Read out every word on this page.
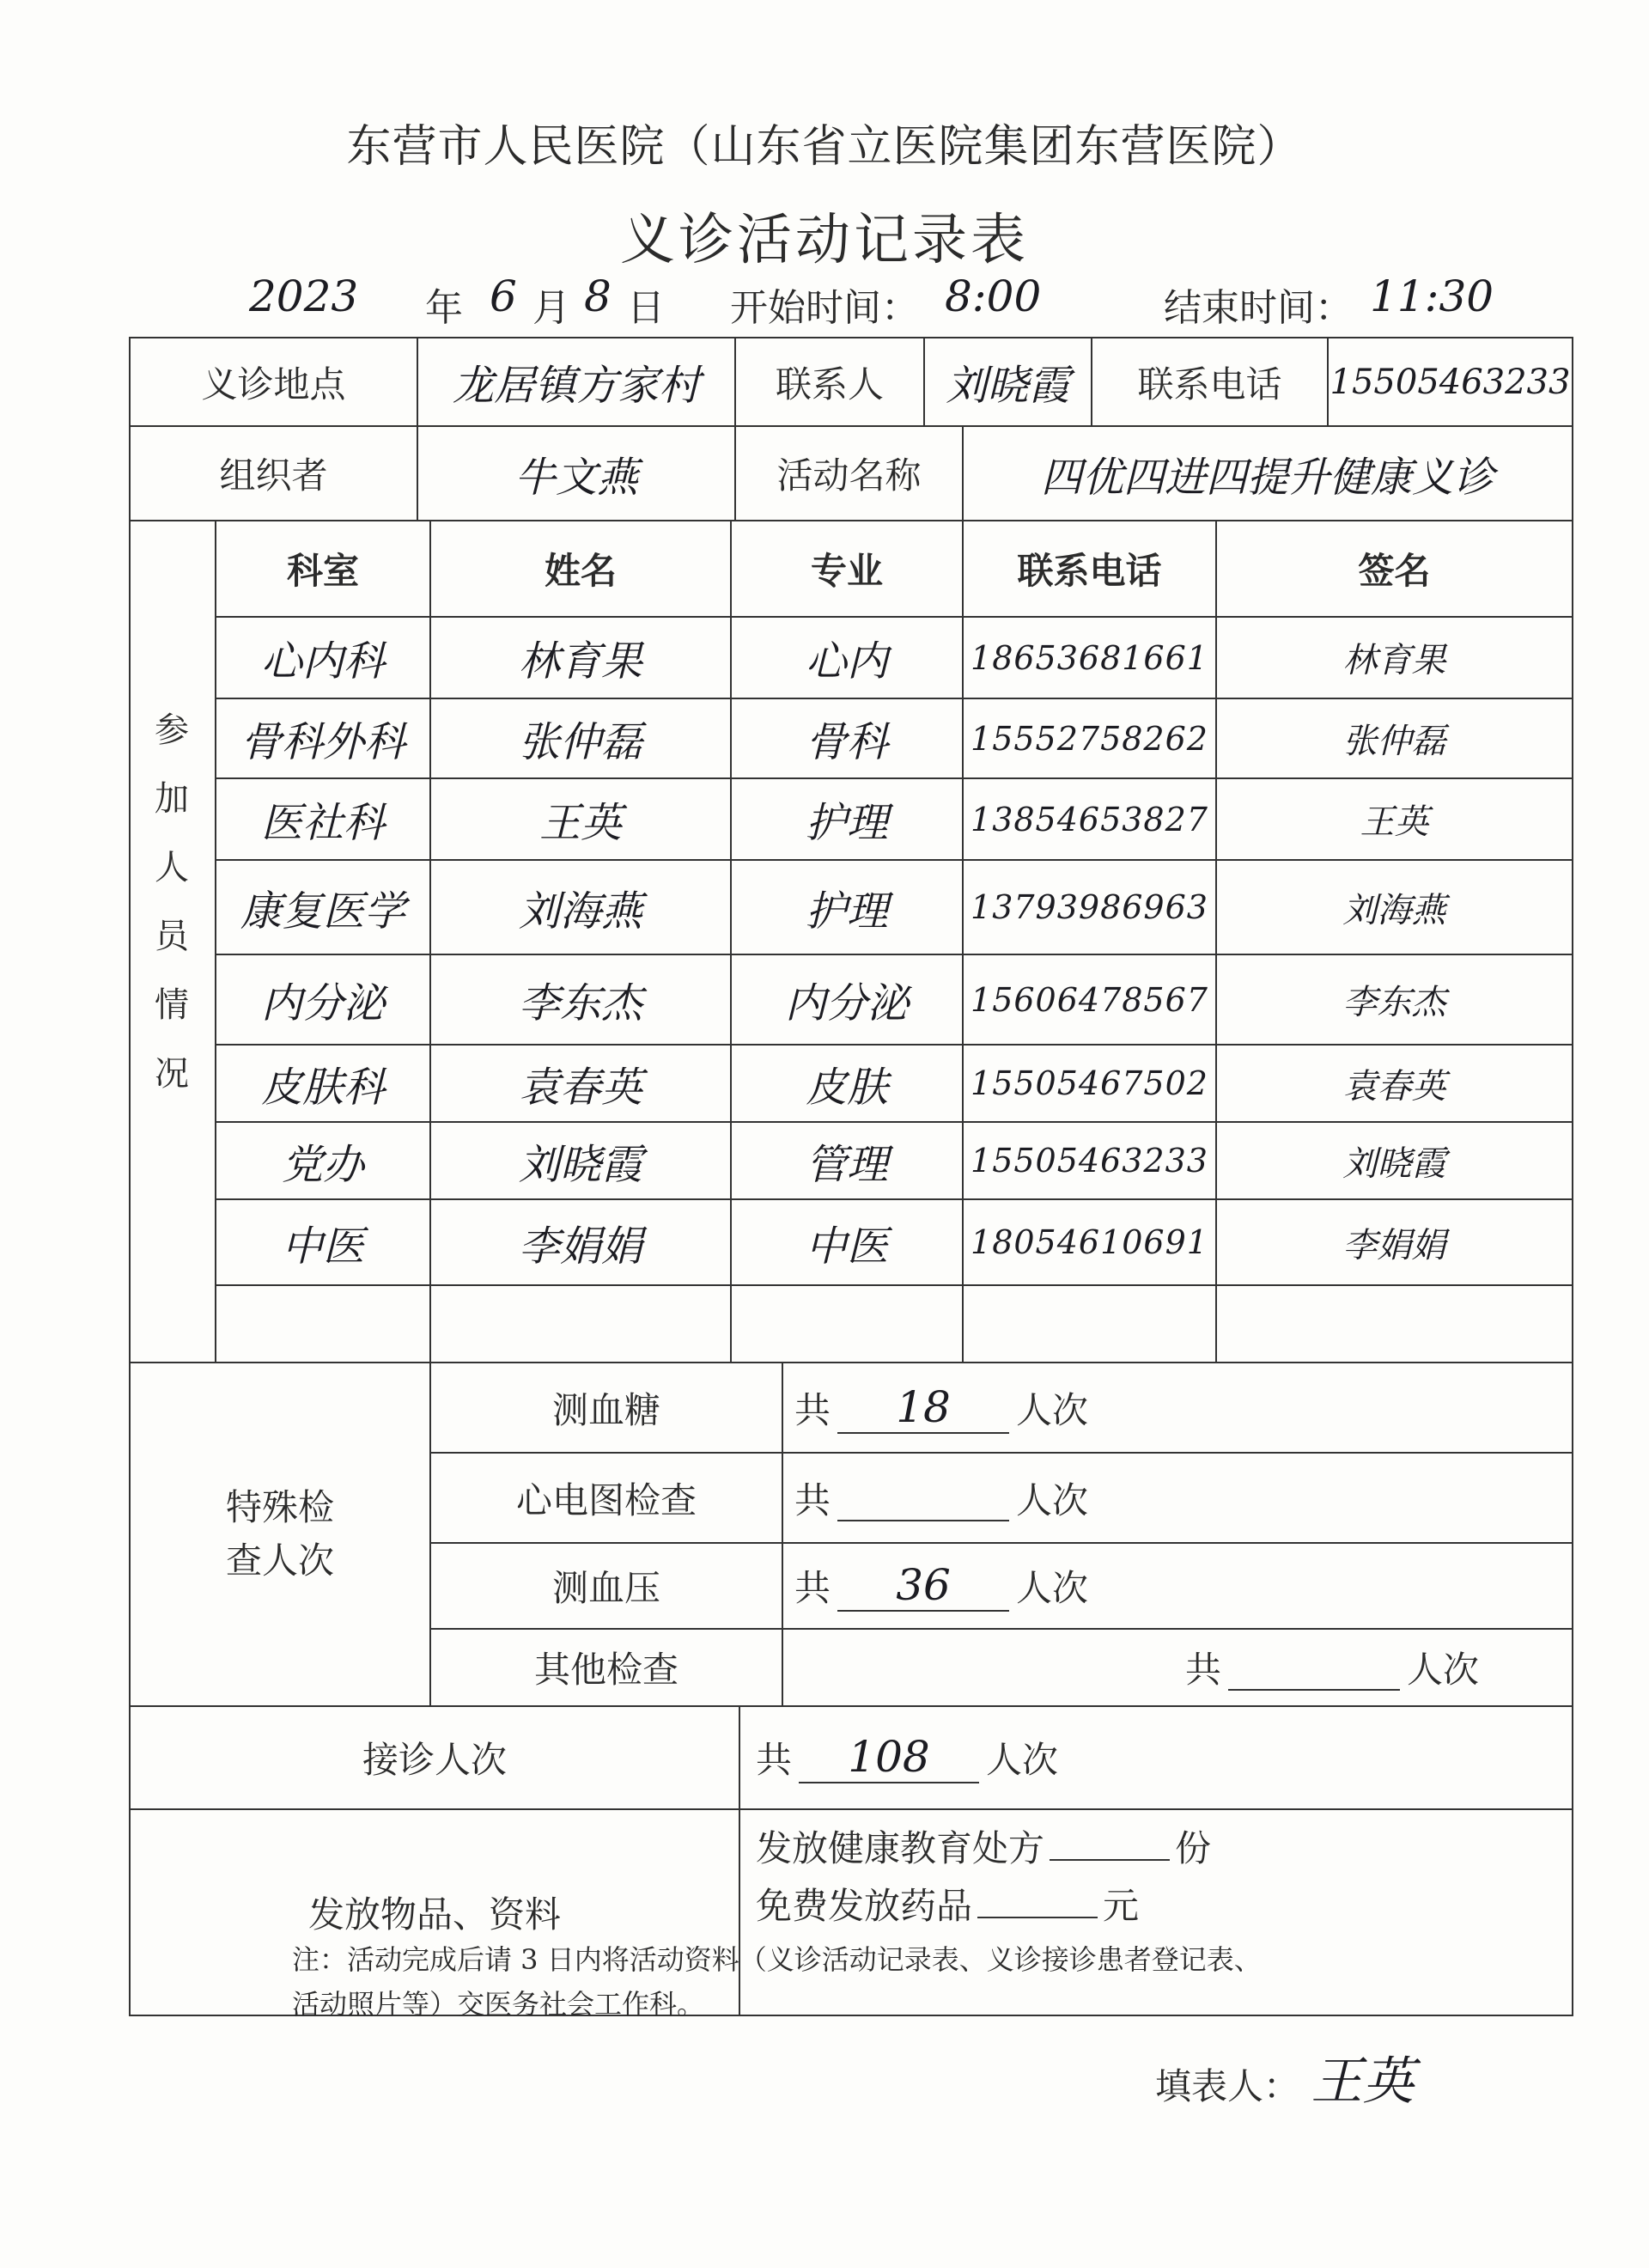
东营市人民医院（山东省立医院集团东营医院）
义诊活动记录表
2023 年 6 月 8 日 开始时间： 8:00	结束时间： 11:30
义诊地点	龙居镇方家村	联系人	刘晓霞	联系电话	15505463233
组织者	牛文燕	活动名称	四优四进四提升健康义诊
参
加
人
员
情
况
科室	姓名	专业	联系电话	签名
心内科	林育果	心内	18653681661	林育果
骨科外科	张仲磊	骨科	15552758262	张仲磊
医社科	王英	护理	13854653827	王英
康复医学	刘海燕	护理	13793986963	刘海燕
内分泌	李东杰	内分泌	15606478567	李东杰
皮肤科	袁春英	皮肤	15505467502	袁春英
党办	刘晓霞	管理	15505463233	刘晓霞
中医	李娟娟	中医	18054610691	李娟娟
特殊检
查人次
测血糖	共	18	人次
心电图检查	共	人次
测血压	共	36	人次
其他检查	共	人次
接诊人次	共	108	人次
发放物品、资料
发放健康教育处方	份
免费发放药品	元
注：活动完成后请 3 日内将活动资料（义诊活动记录表、义诊接诊患者登记表、
活动照片等）交医务社会工作科。
填表人： 王英
